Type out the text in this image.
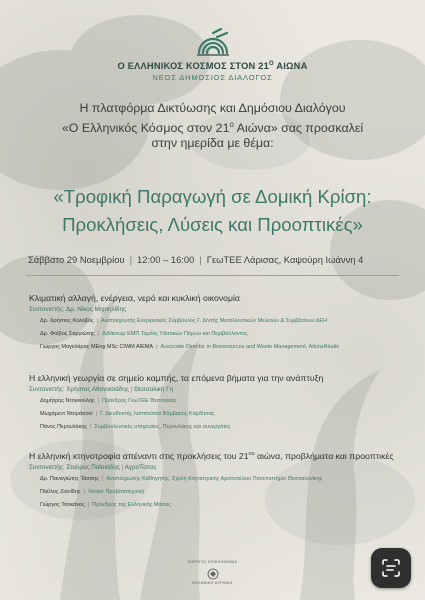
Ο ΕΛΛΗΝΙΚΟΣ ΚΟΣΜΟΣ ΣΤΟΝ $21^O$ ΑΙΩΝΑ
ΝΕΟΣ ΔΗΜΟΣΙΟΣ ΔΙΑΛΟΓΟΣ
Η πλατφόρμα Δικτύωσης και Δημόσιου Διαλόγου
«Ο Ελληνικός Κόσμος στον $21^o$ Αιώνα» σας προσκαλεί
στην ημερίδα με θέμα:
«Τροφική Παραγωγή σε Δομική Κρίση:
Προκλήσεις, Λύσεις και Προοπτικές»
Σάββατο 29 Νοεμβρίου | 12:00 – 16:00 | ΓεωΤΕΕ Λάρισας, Καψούρη Ιωάννη 4
Κλιματική αλλαγή, ενέργεια, νερό και κυκλική οικονομία
Συντονιστής: Δρ. Νίκος Μιχαηλίδης
Δρ. Χρήστος Κολοβός | Αναπληρωτής Ενεργειακός Σύμβουλος Γ. Δ/ντής Μεταλλευτικών Μελετών & Συμβάσεων ΔΕΗ
Δρ. Φοίβος Σαργιώτης | Διδάκτωρ ΕΜΠ Τομέας Υδατικών Πόρων και Περιβάλλοντος
Γιώργος Μαγκλάρας MEng MSc CIWM AIEMA | Associate Director in Bioresources and Waste Management, AtkinsRéalis
Η ελληνική γεωργία σε σημείο καμπής, τα επόμενα βήματα για την ανάπτυξη
Συντονιστής: Χρήστος Αθανασιάδης | Θεσσαλική Γη
Δημήτρης Ντογκούλης | Πρόεδρος ΓεωΤΕΕ Θεσσαλίας
Μωχάμεντ Ντοράσσεϊ | Γ. Διευθυντής Ινστιτούτου Βάμβακος Καρδίτσας
Πάνος Περουλάκης | Συμβουλευτικές υπηρεσίες, Περουλάκης και συνεργάτες
Η ελληνική κτηνοτροφία απέναντι στις προκλήσεις του $21^{o\upsilon}$ αιώνα, προβλήματα και προοπτικές
Συντονιστής: Σταύρος Παϊσιάδης | ΑγροΤύπος
Δρ. Παναγιώτης Τάσσης | Αναπληρωτής Καθηγητής, Σχολή Κτηνιατρικής Αριστοτέλειο Πανεπιστήμιο Θεσσαλονίκης
Παύλος Ζιανίδης | Venter Προβατοτεχνική
Γιώργος Τσοκάνος | Πρόεδρος της Ελληνικής Μάσας
ΧΟΡΗΓΟΣ ΕΠΙΚΟΙΝΩΝΙΑΣ
ΕΛΛΗΝΙΚΗ ΚΥΡΙΑΚΗ
